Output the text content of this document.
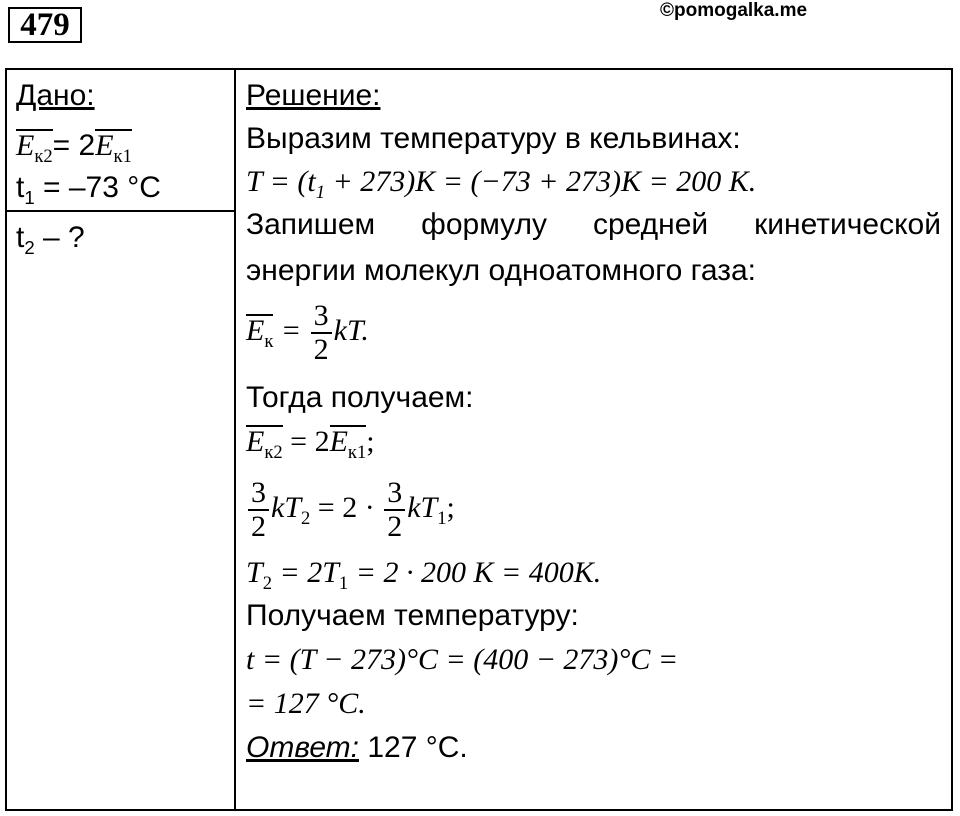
479	©pomogalka.me
Дано:
$E_{к2}= 2E_{к1}$
$t_1 = -73$ °C
$t_2$ – ?
Решение:
Выразим температуру в кельвинах:
$T = (t_1 + 273)K = (-73 + 273)K = 200$ K.
Запишем формулу средней кинетической
энергии молекул одноатомного газа:
$E_к = \frac{3}{2}$ kT.
Тогда получаем:
$E_{к2} = 2E_{к1}$;
$\frac{3}{2} kT_2 = 2 \cdot \frac{3}{2} kT_1$;
$T_2 = 2T_1 = 2 \cdot 200$ K = 400K.
Получаем температуру:
t = (T − 273)°C = (400 − 273)°C =
= 127 °C.
Ответ: 127 °C.
